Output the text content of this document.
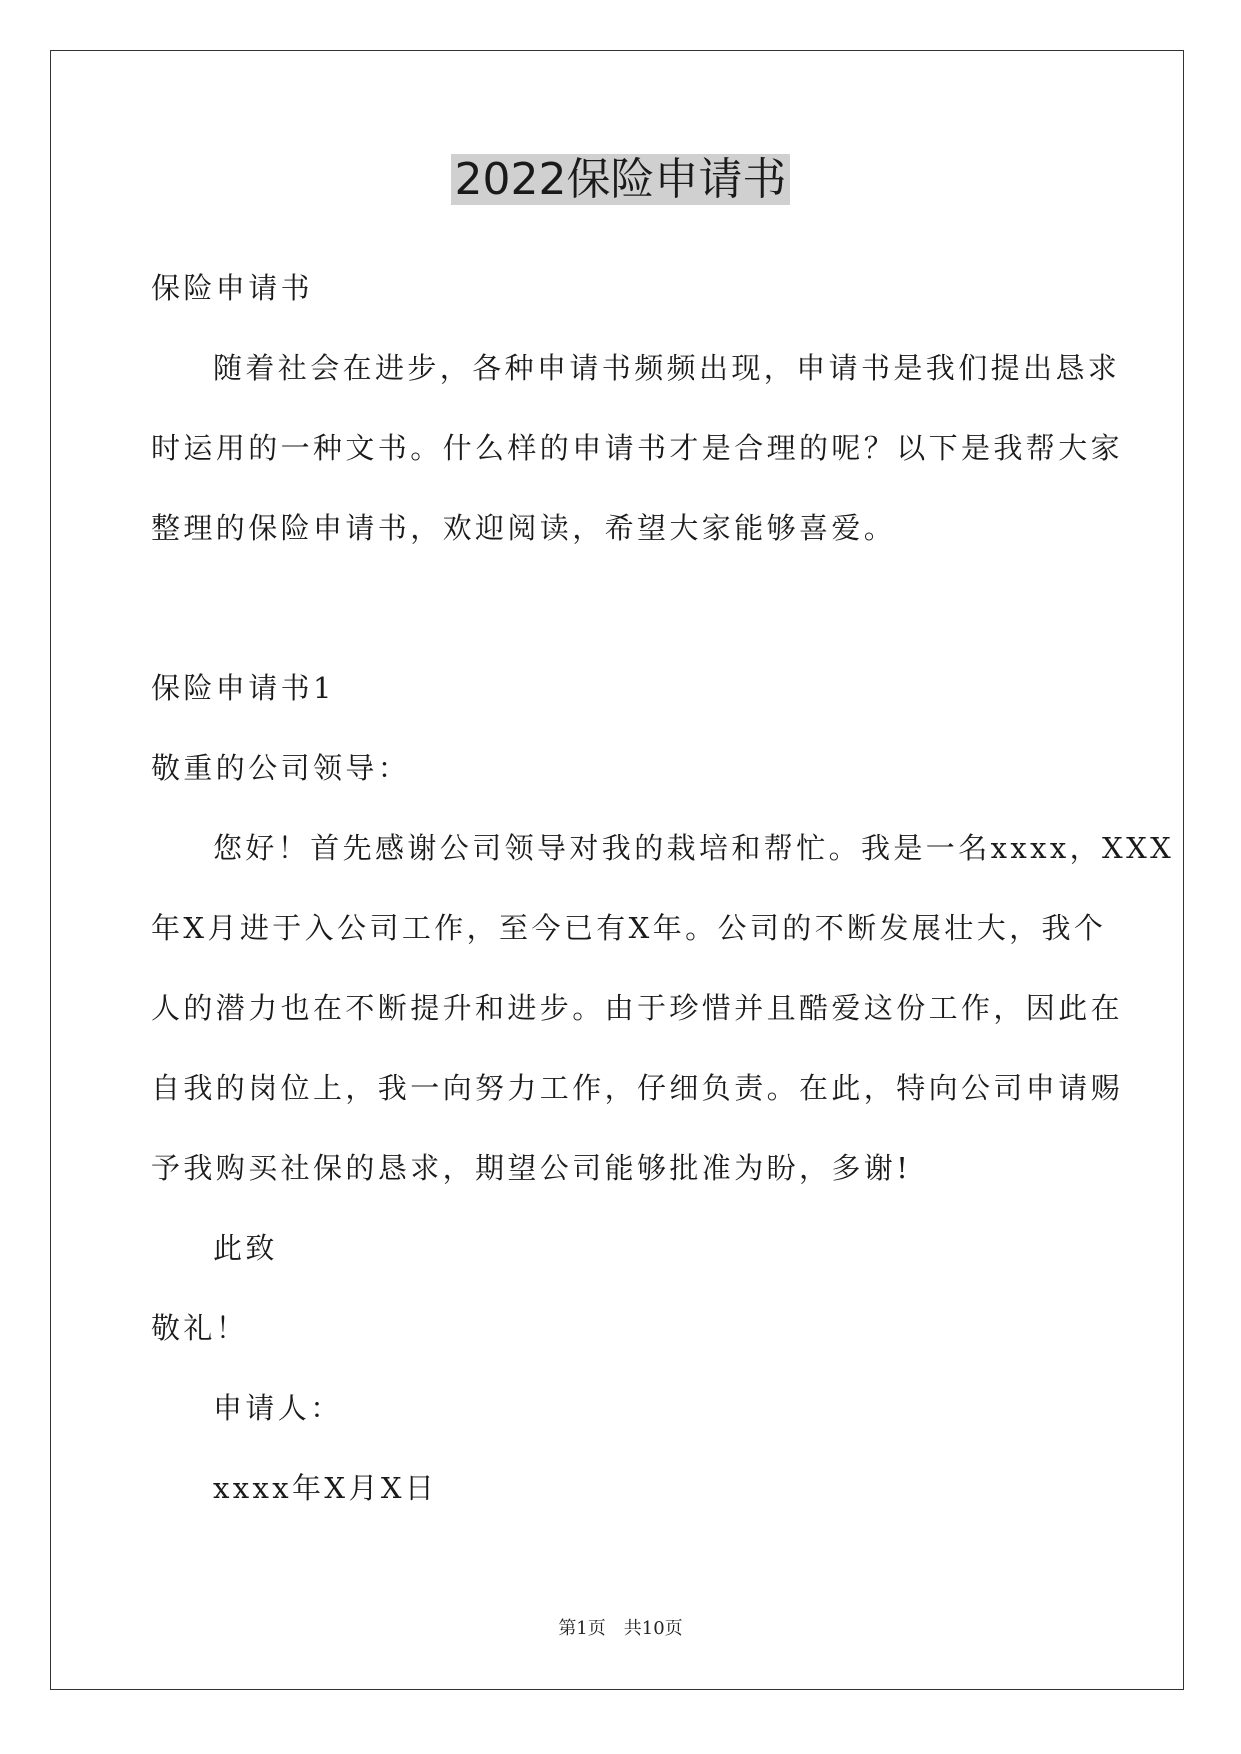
2022保险申请书
保险申请书
随着社会在进步，各种申请书频频出现，申请书是我们提出恳求
时运用的一种文书。什么样的申请书才是合理的呢？以下是我帮大家
整理的保险申请书，欢迎阅读，希望大家能够喜爱。
保险申请书1
敬重的公司领导：
您好！首先感谢公司领导对我的栽培和帮忙。我是一名xxxx，XXX
年X月进于入公司工作，至今已有X年。公司的不断发展壮大，我个
人的潜力也在不断提升和进步。由于珍惜并且酷爱这份工作，因此在
自我的岗位上，我一向努力工作，仔细负责。在此，特向公司申请赐
予我购买社保的恳求，期望公司能够批准为盼，多谢!
此致
敬礼！
申请人：
xxxx年X月X日
第1页　共10页
